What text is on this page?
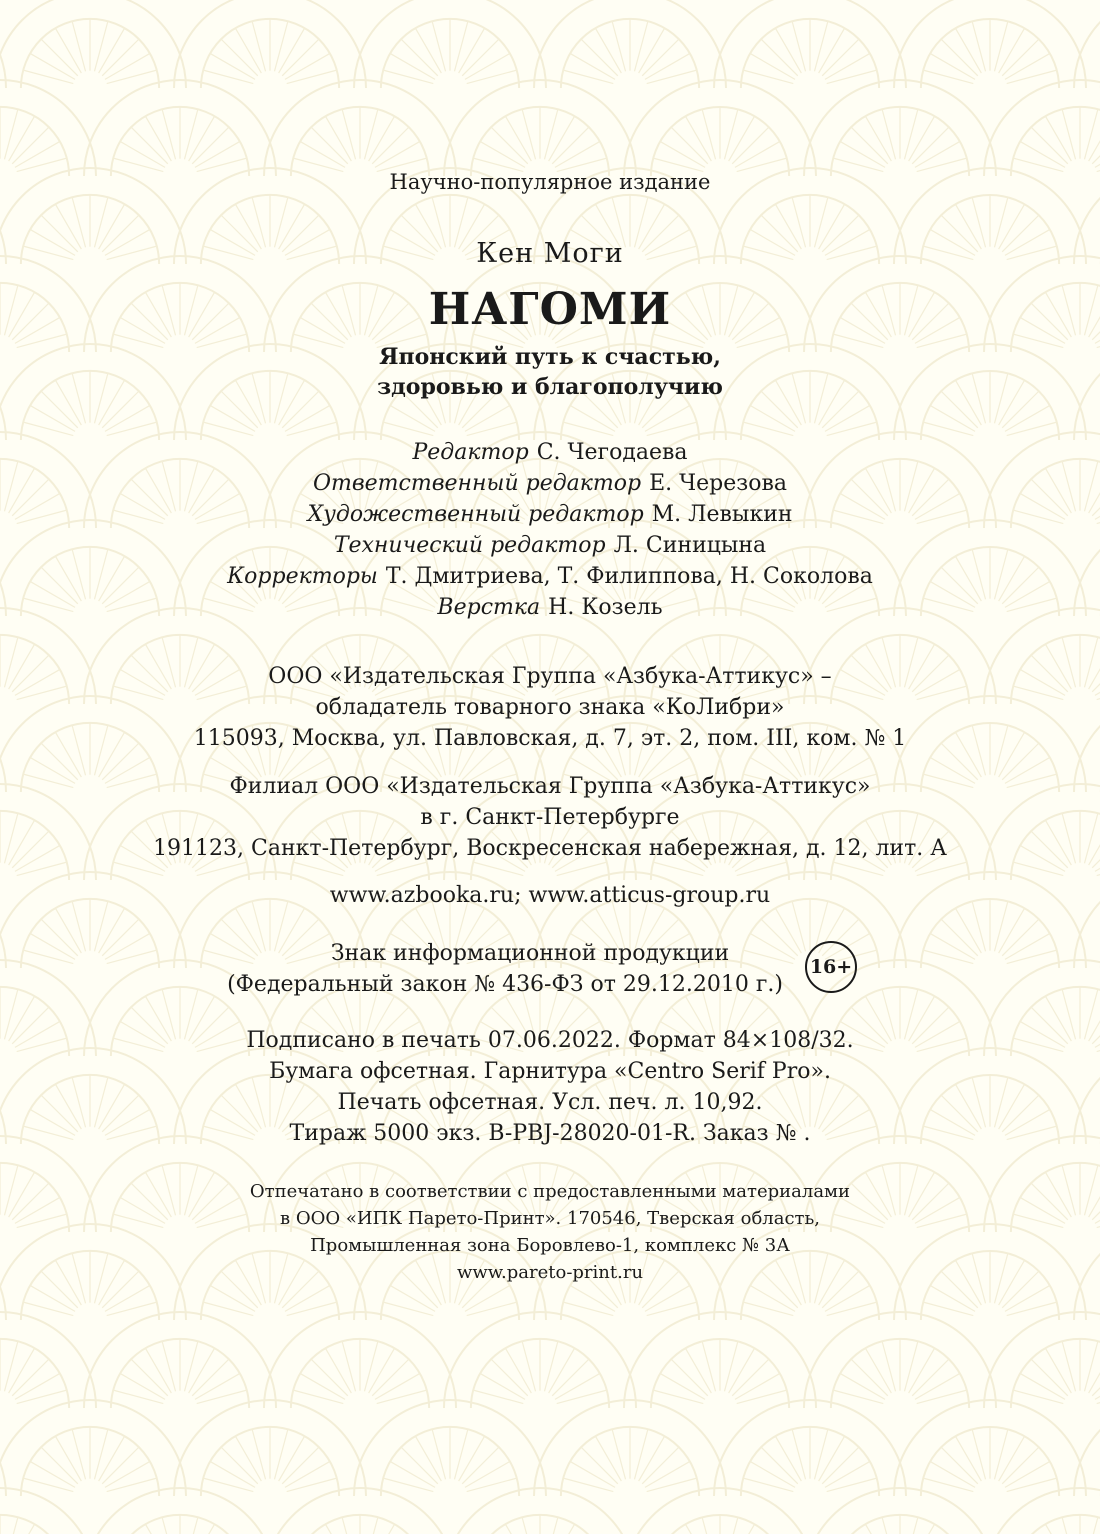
Научно-популярное издание
Кен Моги
НАГОМИ
Японский путь к счастью,
здоровью и благополучию
Редактор С. Чегодаева
Ответственный редактор Е. Черезова
Художественный редактор М. Левыкин
Технический редактор Л. Синицына
Корректоры Т. Дмитриева, Т. Филиппова, Н. Соколова
Верстка Н. Козель
ООО «Издательская Группа «Азбука-Аттикус» –
обладатель товарного знака «КоЛибри»
115093, Москва, ул. Павловская, д. 7, эт. 2, пом. III, ком. № 1
Филиал ООО «Издательская Группа «Азбука-Аттикус»
в г. Санкт-Петербурге
191123, Санкт-Петербург, Воскресенская набережная, д. 12, лит. А
www.azbooka.ru; www.atticus-group.ru
Знак информационной продукции
(Федеральный закон № 436-ФЗ от 29.12.2010 г.)
16+
Подписано в печать 07.06.2022. Формат 84×108/32.
Бумага офсетная. Гарнитура «Centro Serif Pro».
Печать офсетная. Усл. печ. л. 10,92.
Тираж 5000 экз. B-PBJ-28020-01-R. Заказ № .
Отпечатано в соответствии с предоставленными материалами
в ООО «ИПК Парето-Принт». 170546, Тверская область,
Промышленная зона Боровлево-1, комплекс № 3А
www.pareto-print.ru
